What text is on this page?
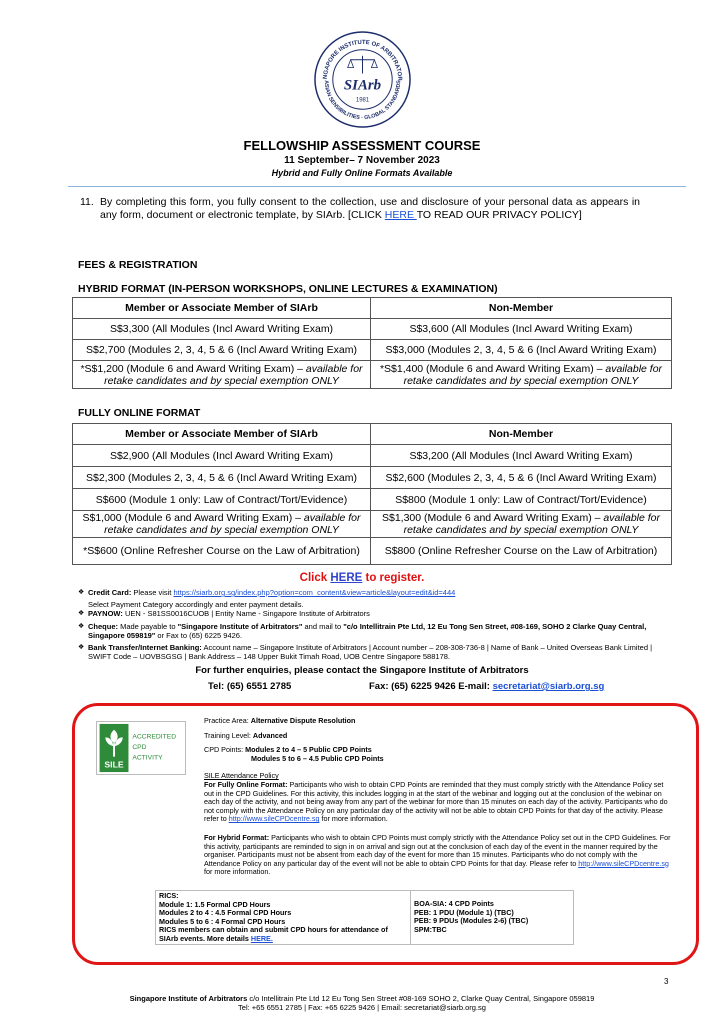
NGAPORE INSTITUTE OF ARBITRATOR
ASIAN SENSIBILITIES · GLOBAL STANDARDS
SIArb
1981
FELLOWSHIP ASSESSMENT COURSE
11 September– 7 November 2023
Hybrid and Fully Online Formats Available
11. By completing this form, you fully consent to the collection, use and disclosure of your personal data as appears in any form, document or electronic template, by SIArb. [CLICK HERE TO READ OUR PRIVACY POLICY]
FEES & REGISTRATION
HYBRID FORMAT (IN-PERSON WORKSHOPS, ONLINE LECTURES & EXAMINATION)
Member or Associate Member of SIArb	Non-Member
S$3,300 (All Modules (Incl Award Writing Exam)	S$3,600 (All Modules (Incl Award Writing Exam)
S$2,700 (Modules 2, 3, 4, 5 & 6 (Incl Award Writing Exam)	S$3,000 (Modules 2, 3, 4, 5 & 6 (Incl Award Writing Exam)
*S$1,200 (Module 6 and Award Writing Exam) – available for retake candidates and by special exemption ONLY	*S$1,400 (Module 6 and Award Writing Exam) – available for retake candidates and by special exemption ONLY
FULLY ONLINE FORMAT
Member or Associate Member of SIArb	Non-Member
S$2,900 (All Modules (Incl Award Writing Exam)	S$3,200 (All Modules (Incl Award Writing Exam)
S$2,300 (Modules 2, 3, 4, 5 & 6 (Incl Award Writing Exam)	S$2,600 (Modules 2, 3, 4, 5 & 6 (Incl Award Writing Exam)
S$600 (Module 1 only: Law of Contract/Tort/Evidence)	S$800 (Module 1 only: Law of Contract/Tort/Evidence)
S$1,000 (Module 6 and Award Writing Exam) – available for retake candidates and by special exemption ONLY	S$1,300 (Module 6 and Award Writing Exam) – available for retake candidates and by special exemption ONLY
*S$600 (Online Refresher Course on the Law of Arbitration)	S$800 (Online Refresher Course on the Law of Arbitration)
Click HERE to register.
❖ Credit Card: Please visit https://siarb.org.sg/index.php?option=com_content&view=article&layout=edit&id=444
Select Payment Category accordingly and enter payment details.
❖ PAYNOW: UEN - S81SS0016CUOB | Entity Name - Singapore Institute of Arbitrators
❖ Cheque: Made payable to "Singapore Institute of Arbitrators" and mail to "c/o Intellitrain Pte Ltd, 12 Eu Tong Sen Street, #08-169, SOHO 2 Clarke Quay Central, Singapore 059819" or Fax to (65) 6225 9426.
❖ Bank Transfer/Internet Banking: Account name – Singapore Institute of Arbitrators | Account number – 208-308-736-8 | Name of Bank – United Overseas Bank Limited | SWIFT Code – UOVBSGSG | Bank Address – 148 Upper Bukit Timah Road, UOB Centre Singapore 588178.
For further enquiries, please contact the Singapore Institute of Arbitrators
Tel: (65) 6551 2785	Fax: (65) 6225 9426 E-mail: secretariat@siarb.org.sg
SILE
ACCREDITED
CPD
ACTIVITY
Practice Area: Alternative Dispute Resolution
Training Level: Advanced
CPD Points: Modules 2 to 4 – 5 Public CPD Points
Modules 5 to 6 – 4.5 Public CPD Points
SILE Attendance Policy
For Fully Online Format: Participants who wish to obtain CPD Points are reminded that they must comply strictly with the Attendance Policy set out in the CPD Guidelines. For this activity, this includes logging in at the start of the webinar and logging out at the conclusion of the webinar on each day of the activity, and not being away from any part of the webinar for more than 15 minutes on each day of the activity. Participants who do not comply with the Attendance Policy on any particular day of the activity will not be able to obtain CPD Points for that day of the activity. Please refer to http://www.sileCPDcentre.sg for more information.
For Hybrid Format: Participants who wish to obtain CPD Points must comply strictly with the Attendance Policy set out in the CPD Guidelines. For this activity, participants are reminded to sign in on arrival and sign out at the conclusion of each day of the event in the manner required by the organiser. Participants must not be absent from each day of the event for more than 15 minutes. Participants who do not comply with the Attendance Policy on any particular day of the event will not be able to obtain CPD Points for that day. Please refer to http://www.sileCPDcentre.sg for more information.
RICS:
Module 1: 1.5 Formal CPD Hours
Modules 2 to 4 : 4.5 Formal CPD Hours
Modules 5 to 6 : 4 Formal CPD Hours
RICS members can obtain and submit CPD hours for attendance of SIArb events. More details HERE.

BOA-SIA: 4 CPD Points
PEB: 1 PDU (Module 1) (TBC)
PEB: 9 PDUs (Modules 2-6) (TBC)
SPM:TBC
3
Singapore Institute of Arbitrators c/o Intellitrain Pte Ltd 12 Eu Tong Sen Street #08-169 SOHO 2, Clarke Quay Central, Singapore 059819
Tel: +65 6551 2785 | Fax: +65 6225 9426 | Email: secretariat@siarb.org.sg
